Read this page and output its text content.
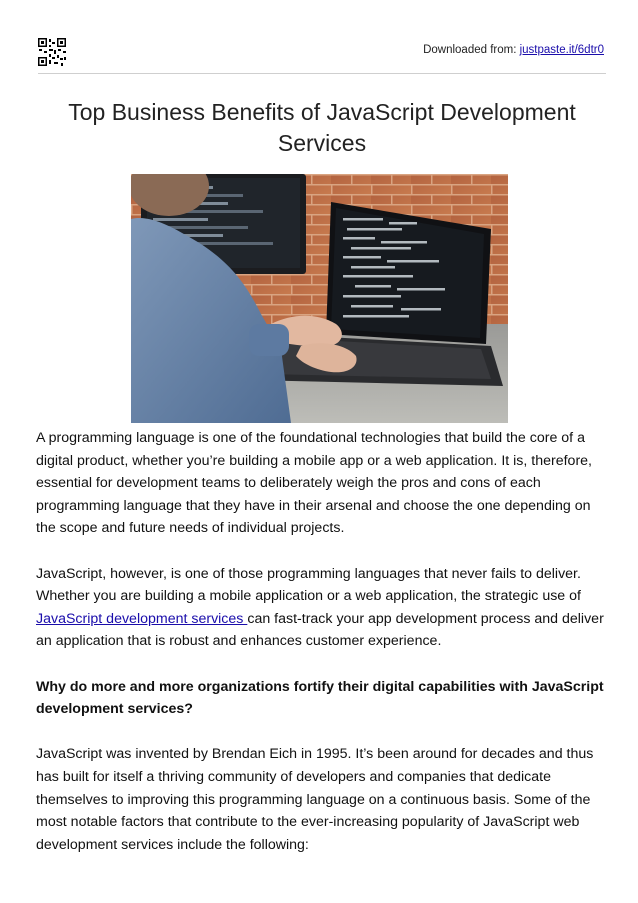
Downloaded from: justpaste.it/6dtr0
Top Business Benefits of JavaScript Development Services

A programming language is one of the foundational technologies that build the core of a digital product, whether you’re building a mobile app or a web application. It is, therefore, essential for development teams to deliberately weigh the pros and cons of each programming language that they have in their arsenal and choose the one depending on the scope and future needs of individual projects.

JavaScript, however, is one of those programming languages that never fails to deliver. Whether you are building a mobile application or a web application, the strategic use of JavaScript development services can fast-track your app development process and deliver an application that is robust and enhances customer experience.

Why do more and more organizations fortify their digital capabilities with JavaScript development services?

JavaScript was invented by Brendan Eich in 1995. It’s been around for decades and thus has built for itself a thriving community of developers and companies that dedicate themselves to improving this programming language on a continuous basis. Some of the most notable factors that contribute to the ever-increasing popularity of JavaScript web development services include the following:
